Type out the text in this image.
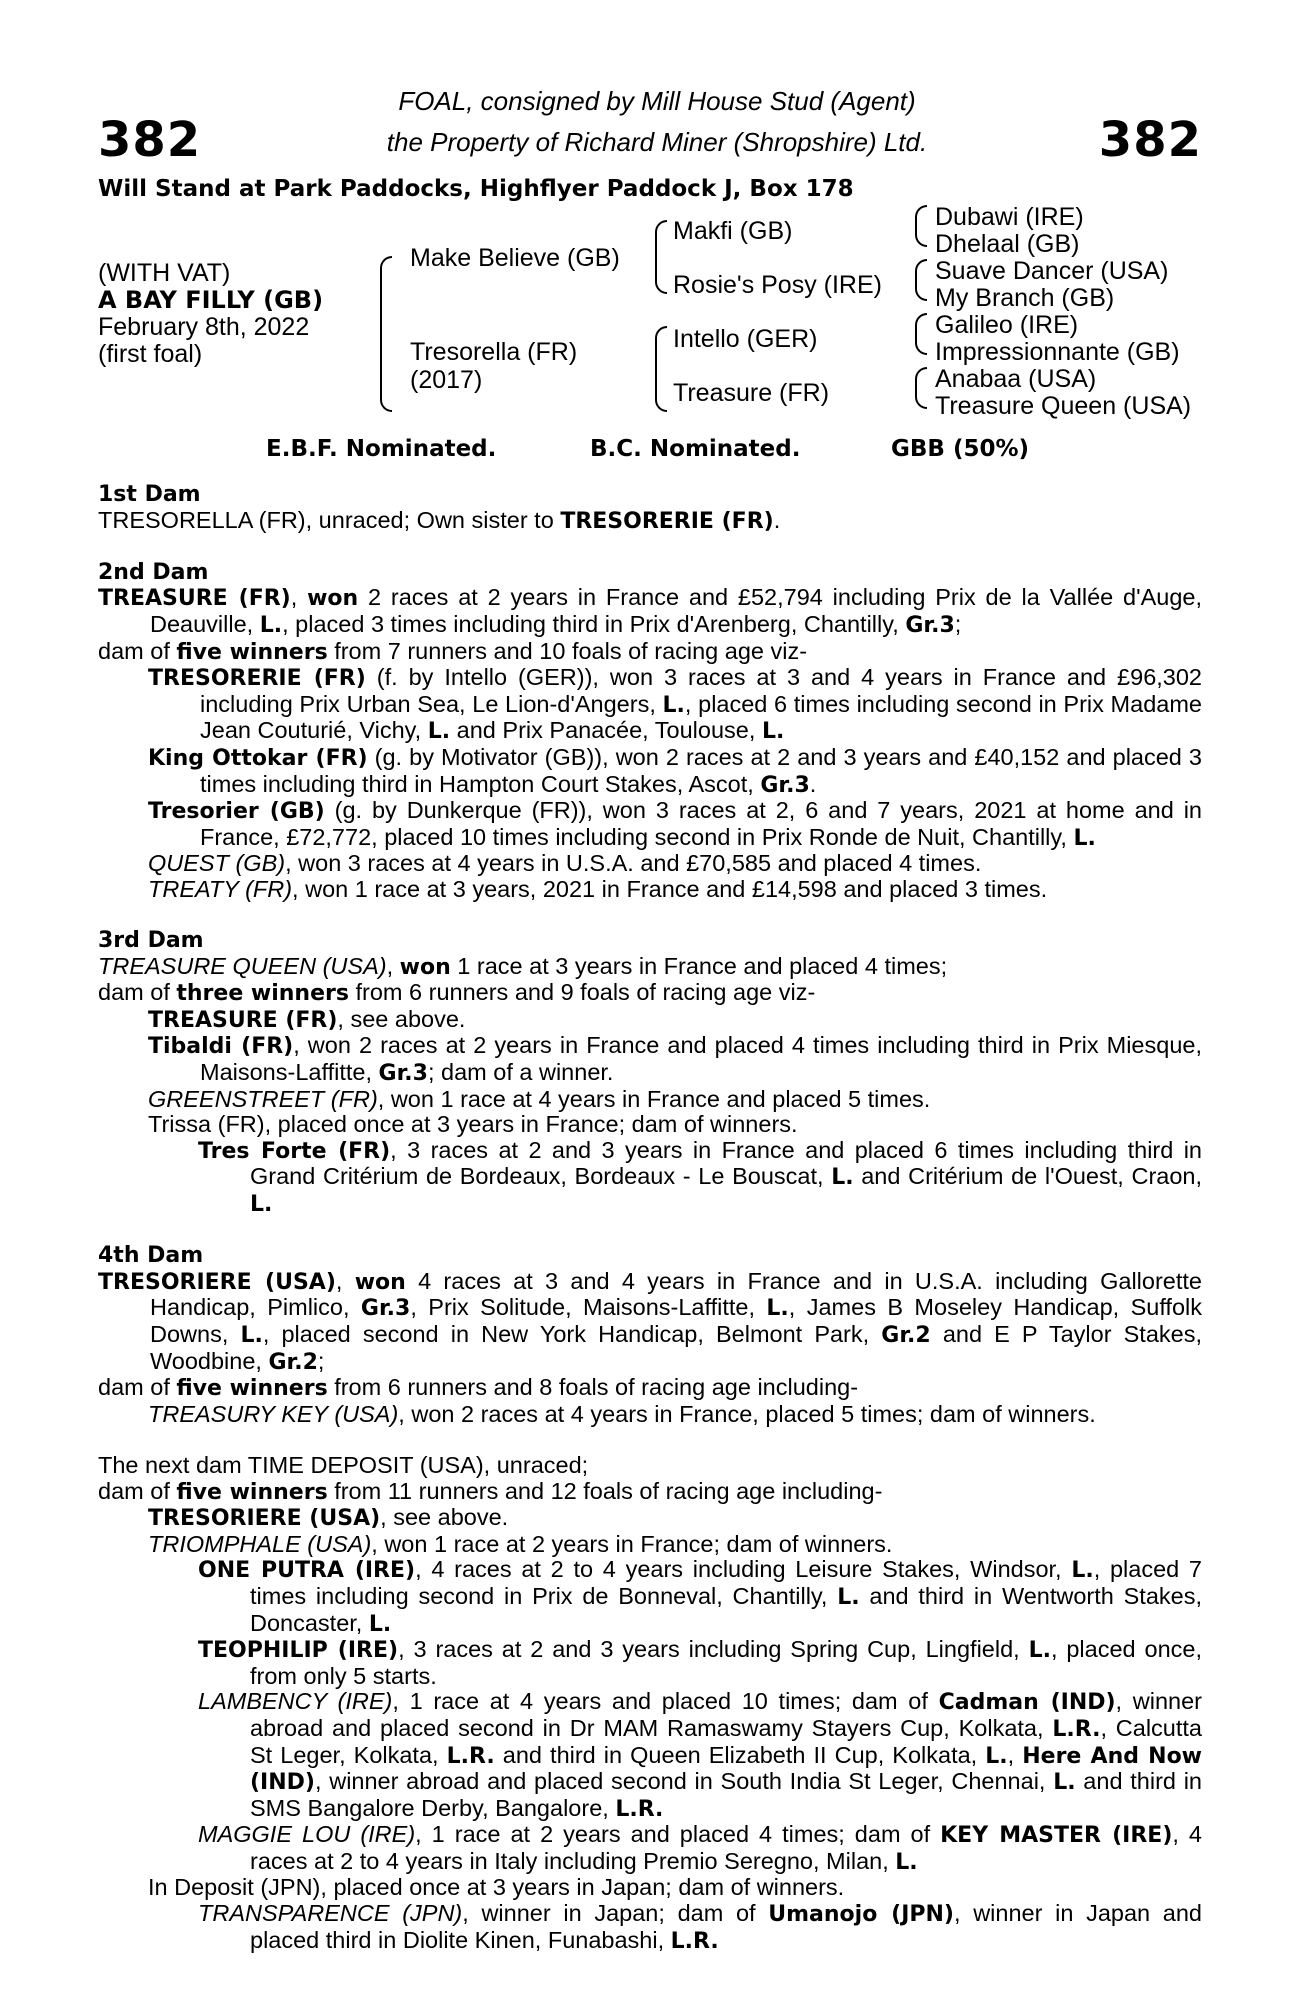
382	382
FOAL, consigned by Mill House Stud (Agent)
the Property of Richard Miner (Shropshire) Ltd.
Will Stand at Park Paddocks, Highflyer Paddock J, Box 178
(WITH VAT)
A BAY FILLY (GB)
February 8th, 2022
(first foal)
Make Believe (GB)
Tresorella (FR)
(2017)
Makfi (GB)
Rosie's Posy (IRE)
Intello (GER)
Treasure (FR)
Dubawi (IRE)
Dhelaal (GB)
Suave Dancer (USA)
My Branch (GB)
Galileo (IRE)
Impressionnante (GB)
Anabaa (USA)
Treasure Queen (USA)
E.B.F. Nominated.	B.C. Nominated.	GBB (50%)

1st Dam

TRESORELLA (FR), unraced; Own sister to TRESORERIE (FR).

2nd Dam

TREASURE (FR), won 2 races at 2 years in France and £52,794 including Prix de la Vallée d'Auge, Deauville, L., placed 3 times including third in Prix d'Arenberg, Chantilly, Gr.3;

dam of five winners from 7 runners and 10 foals of racing age viz-

TRESORERIE (FR) (f. by Intello (GER)), won 3 races at 3 and 4 years in France and £96,302 including Prix Urban Sea, Le Lion-d'Angers, L., placed 6 times including second in Prix Madame Jean Couturié, Vichy, L. and Prix Panacée, Toulouse, L.

King Ottokar (FR) (g. by Motivator (GB)), won 2 races at 2 and 3 years and £40,152 and placed 3 times including third in Hampton Court Stakes, Ascot, Gr.3.

Tresorier (GB) (g. by Dunkerque (FR)), won 3 races at 2, 6 and 7 years, 2021 at home and in France, £72,772, placed 10 times including second in Prix Ronde de Nuit, Chantilly, L.

QUEST (GB), won 3 races at 4 years in U.S.A. and £70,585 and placed 4 times.

TREATY (FR), won 1 race at 3 years, 2021 in France and £14,598 and placed 3 times.

3rd Dam

TREASURE QUEEN (USA), won 1 race at 3 years in France and placed 4 times;

dam of three winners from 6 runners and 9 foals of racing age viz-

TREASURE (FR), see above.

Tibaldi (FR), won 2 races at 2 years in France and placed 4 times including third in Prix Miesque, Maisons-Laffitte, Gr.3; dam of a winner.

GREENSTREET (FR), won 1 race at 4 years in France and placed 5 times.

Trissa (FR), placed once at 3 years in France; dam of winners.

Tres Forte (FR), 3 races at 2 and 3 years in France and placed 6 times including third in Grand Critérium de Bordeaux, Bordeaux - Le Bouscat, L. and Critérium de l'Ouest, Craon, L.

4th Dam

TRESORIERE (USA), won 4 races at 3 and 4 years in France and in U.S.A. including Gallorette Handicap, Pimlico, Gr.3, Prix Solitude, Maisons-Laffitte, L., James B Moseley Handicap, Suffolk Downs, L., placed second in New York Handicap, Belmont Park, Gr.2 and E P Taylor Stakes, Woodbine, Gr.2;

dam of five winners from 6 runners and 8 foals of racing age including-

TREASURY KEY (USA), won 2 races at 4 years in France, placed 5 times; dam of winners.

The next dam TIME DEPOSIT (USA), unraced;

dam of five winners from 11 runners and 12 foals of racing age including-

TRESORIERE (USA), see above.

TRIOMPHALE (USA), won 1 race at 2 years in France; dam of winners.

ONE PUTRA (IRE), 4 races at 2 to 4 years including Leisure Stakes, Windsor, L., placed 7 times including second in Prix de Bonneval, Chantilly, L. and third in Wentworth Stakes, Doncaster, L.

TEOPHILIP (IRE), 3 races at 2 and 3 years including Spring Cup, Lingfield, L., placed once, from only 5 starts.

LAMBENCY (IRE), 1 race at 4 years and placed 10 times; dam of Cadman (IND), winner abroad and placed second in Dr MAM Ramaswamy Stayers Cup, Kolkata, L.R., Calcutta St Leger, Kolkata, L.R. and third in Queen Elizabeth II Cup, Kolkata, L., Here And Now (IND), winner abroad and placed second in South India St Leger, Chennai, L. and third in SMS Bangalore Derby, Bangalore, L.R.

MAGGIE LOU (IRE), 1 race at 2 years and placed 4 times; dam of KEY MASTER (IRE), 4 races at 2 to 4 years in Italy including Premio Seregno, Milan, L.

In Deposit (JPN), placed once at 3 years in Japan; dam of winners.

TRANSPARENCE (JPN), winner in Japan; dam of Umanojo (JPN), winner in Japan and placed third in Diolite Kinen, Funabashi, L.R.
